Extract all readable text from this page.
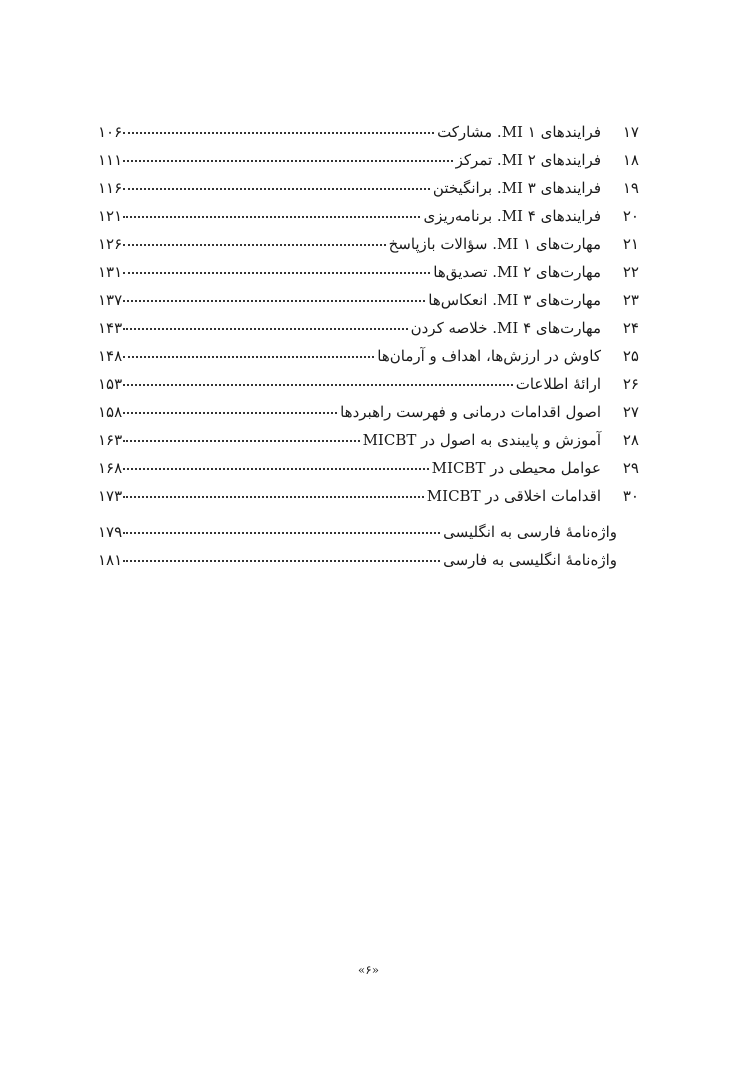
۱۷
فرایندهای MI ۱. مشارکت
۱۰۶
۱۸
فرایندهای MI ۲. تمرکز
۱۱۱
۱۹
فرایندهای MI ۳. برانگیختن
۱۱۶
۲۰
فرایندهای MI ۴. برنامه‌ریزی
۱۲۱
۲۱
مهارت‌های MI ۱. سؤالات بازپاسخ
۱۲۶
۲۲
مهارت‌های MI ۲. تصدیق‌ها
۱۳۱
۲۳
مهارت‌های MI ۳. انعکاس‌ها
۱۳۷
۲۴
مهارت‌های MI ۴. خلاصه کردن
۱۴۳
۲۵
کاوش در ارزش‌ها، اهداف و آرمان‌ها
۱۴۸
۲۶
ارائۀ اطلاعات
۱۵۳
۲۷
اصول اقدامات درمانی و فهرست راهبردها
۱۵۸
۲۸
آموزش و پایبندی به اصول در MICBT
۱۶۳
۲۹
عوامل محیطی در MICBT
۱۶۸
۳۰
اقدامات اخلاقی در MICBT
۱۷۳
واژه‌نامۀ فارسی به انگلیسی
۱۷۹
واژه‌نامۀ انگلیسی به فارسی
۱۸۱
«۶»
